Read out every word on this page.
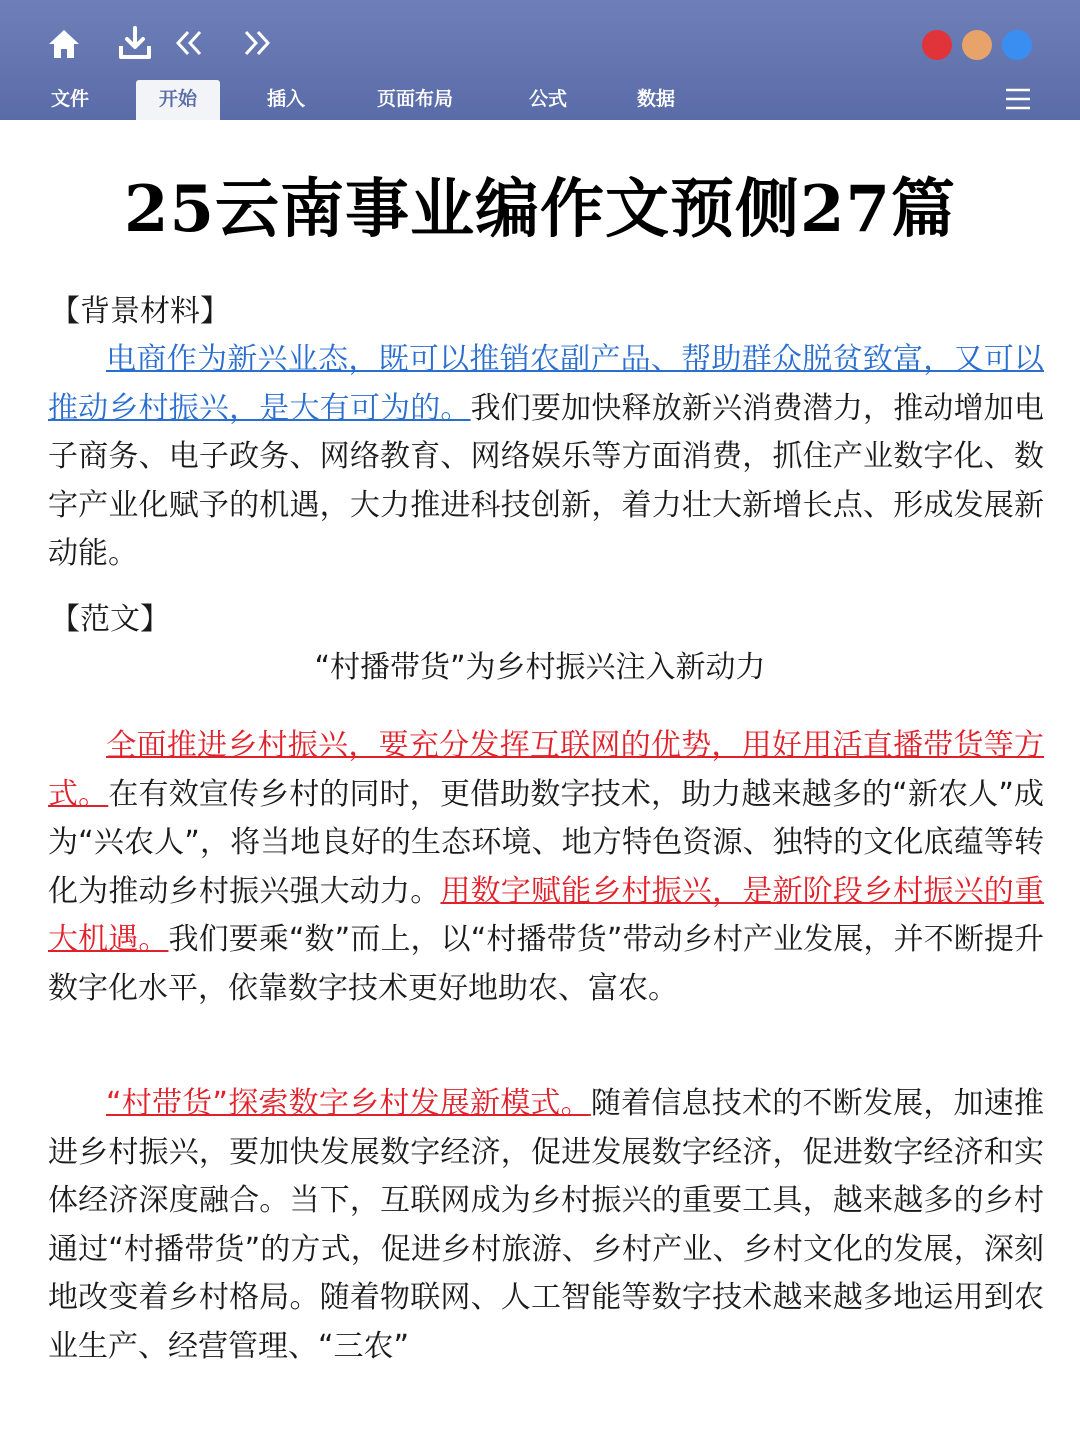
文件	开始	插入	页面布局	公式	数据
25云南事业编作文预侧27篇
【背景材料】
电商作为新兴业态，既可以推销农副产品、帮助群众脱贫致富，又可以推动乡村振兴，是大有可为的。我们要加快释放新兴消费潜力，推动增加电子商务、电子政务、网络教育、网络娱乐等方面消费，抓住产业数字化、数字产业化赋予的机遇，大力推进科技创新，着力壮大新增长点、形成发展新动能。
【范文】
“村播带货”为乡村振兴注入新动力
全面推进乡村振兴，要充分发挥互联网的优势，用好用活直播带货等方式。在有效宣传乡村的同时，更借助数字技术，助力越来越多的“新农人”成为“兴农人”，将当地良好的生态环境、地方特色资源、独特的文化底蕴等转化为推动乡村振兴强大动力。用数字赋能乡村振兴，是新阶段乡村振兴的重大机遇。我们要乘“数”而上，以“村播带货”带动乡村产业发展，并不断提升数字化水平，依靠数字技术更好地助农、富农。
“村带货”探索数字乡村发展新模式。随着信息技术的不断发展，加速推进乡村振兴，要加快发展数字经济，促进发展数字经济，促进数字经济和实体经济深度融合。当下，互联网成为乡村振兴的重要工具，越来越多的乡村通过“村播带货”的方式，促进乡村旅游、乡村产业、乡村文化的发展，深刻地改变着乡村格局。随着物联网、人工智能等数字技术越来越多地运用到农业生产、经营管理、“三农”
